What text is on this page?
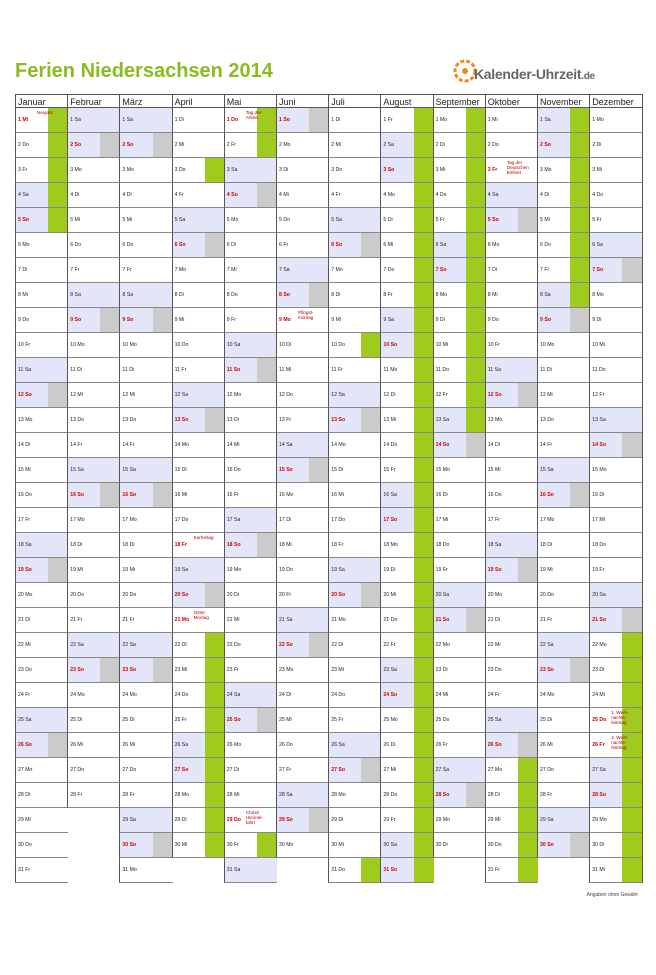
Ferien Niedersachsen 2014	Kalender-Uhrzeit.de
Januar
1 Mi
Neujahr
2 Do
3 Fr
4 Sa
5 So
6 Mo
7 Di
8 Mi
9 Do
10 Fr
11 Sa
12 So
13 Mo
14 Di
15 Mi
16 Do
17 Fr
18 Sa
19 So
20 Mo
21 Di
22 Mi
23 Do
24 Fr
25 Sa
26 So
27 Mo
28 Di
29 Mi
30 Do
31 Fr
Februar
1 Sa
2 So
3 Mo
4 Di
5 Mi
6 Do
7 Fr
8 Sa
9 So
10 Mo
11 Di
12 Mi
13 Do
14 Fr
15 Sa
16 So
17 Mo
18 Di
19 Mi
20 Do
21 Fr
22 Sa
23 So
24 Mo
25 Di
26 Mi
27 Do
28 Fr
März
1 Sa
2 So
3 Mo
4 Di
5 Mi
6 Do
7 Fr
8 Sa
9 So
10 Mo
11 Di
12 Mi
13 Do
14 Fr
15 Sa
16 So
17 Mo
18 Di
19 Mi
20 Do
21 Fr
22 Sa
23 So
24 Mo
25 Di
26 Mi
27 Do
28 Fr
29 Sa
30 So
31 Mo
April
1 Di
2 Mi
3 Do
4 Fr
5 Sa
6 So
7 Mo
8 Di
9 Mi
10 Do
11 Fr
12 Sa
13 So
14 Mo
15 Di
16 Mi
17 Do
18 Fr
Karfreitag
19 Sa
20 So
21 Mo
Oster-
Montag
22 Di
23 Mi
24 Do
25 Fr
26 Sa
27 So
28 Mo
29 Di
30 Mi
Mai
1 Do
Tag der
Arbeit
2 Fr
3 Sa
4 So
5 Mo
6 Di
7 Mi
8 Do
9 Fr
10 Sa
11 So
12 Mo
13 Di
14 Mi
15 Do
16 Fr
17 Sa
18 So
19 Mo
20 Di
21 Mi
22 Do
23 Fr
24 Sa
25 So
26 Mo
27 Di
28 Mi
29 Do
Christi
Himmel-
fahrt
30 Fr
31 Sa
Juni
1 So
2 Mo
3 Di
4 Mi
5 Do
6 Fr
7 Sa
8 So
9 Mo
Pfingst-
montag
10 Di
11 Mi
12 Do
13 Fr
14 Sa
15 So
16 Mo
17 Di
18 Mi
19 Do
20 Fr
21 Sa
22 So
23 Mo
24 Di
25 Mi
26 Do
27 Fr
28 Sa
29 So
30 Mo
Juli
1 Di
2 Mi
3 Do
4 Fr
5 Sa
6 So
7 Mo
8 Di
9 Mi
10 Do
11 Fr
12 Sa
13 So
14 Mo
15 Di
16 Mi
17 Do
18 Fr
19 Sa
20 So
21 Mo
22 Di
23 Mi
24 Do
25 Fr
26 Sa
27 So
28 Mo
29 Di
30 Mi
31 Do
August
1 Fr
2 Sa
3 So
4 Mo
5 Di
6 Mi
7 Do
8 Fr
9 Sa
10 So
11 Mo
12 Di
13 Mi
14 Do
15 Fr
16 Sa
17 So
18 Mo
19 Di
20 Mi
21 Do
22 Fr
23 Sa
24 So
25 Mo
26 Di
27 Mi
28 Do
29 Fr
30 Sa
31 So
September
1 Mo
2 Di
3 Mi
4 Do
5 Fr
6 Sa
7 So
8 Mo
9 Di
10 Mi
11 Do
12 Fr
13 Sa
14 So
15 Mo
16 Di
17 Mi
18 Do
19 Fr
20 Sa
21 So
22 Mo
23 Di
24 Mi
25 Do
26 Fr
27 Sa
28 So
29 Mo
30 Di
Oktober
1 Mi
2 Do
3 Fr
Tag der
Deutschen
Einheit
4 Sa
5 So
6 Mo
7 Di
8 Mi
9 Do
10 Fr
11 Sa
12 So
13 Mo
14 Di
15 Mi
16 Do
17 Fr
18 Sa
19 So
20 Mo
21 Di
22 Mi
23 Do
24 Fr
25 Sa
26 So
27 Mo
28 Di
29 Mi
30 Do
31 Fr
November
1 Sa
2 So
3 Mo
4 Di
5 Mi
6 Do
7 Fr
8 Sa
9 So
10 Mo
11 Di
12 Mi
13 Do
14 Fr
15 Sa
16 So
17 Mo
18 Di
19 Mi
20 Do
21 Fr
22 Sa
23 So
24 Mo
25 Di
26 Mi
27 Do
28 Fr
29 Sa
30 So
Dezember
1 Mo
2 Di
3 Mi
4 Do
5 Fr
6 Sa
7 So
8 Mo
9 Di
10 Mi
11 Do
12 Fr
13 Sa
14 So
15 Mo
16 Di
17 Mi
18 Do
19 Fr
20 Sa
21 So
22 Mo
23 Di
24 Mi
25 Do
1. Weih-
nachts-
feiertag
26 Fr
2. Weih-
nachts-
feiertag
27 Sa
28 So
29 Mo
30 Di
31 Mi
Angaben ohne Gewähr
